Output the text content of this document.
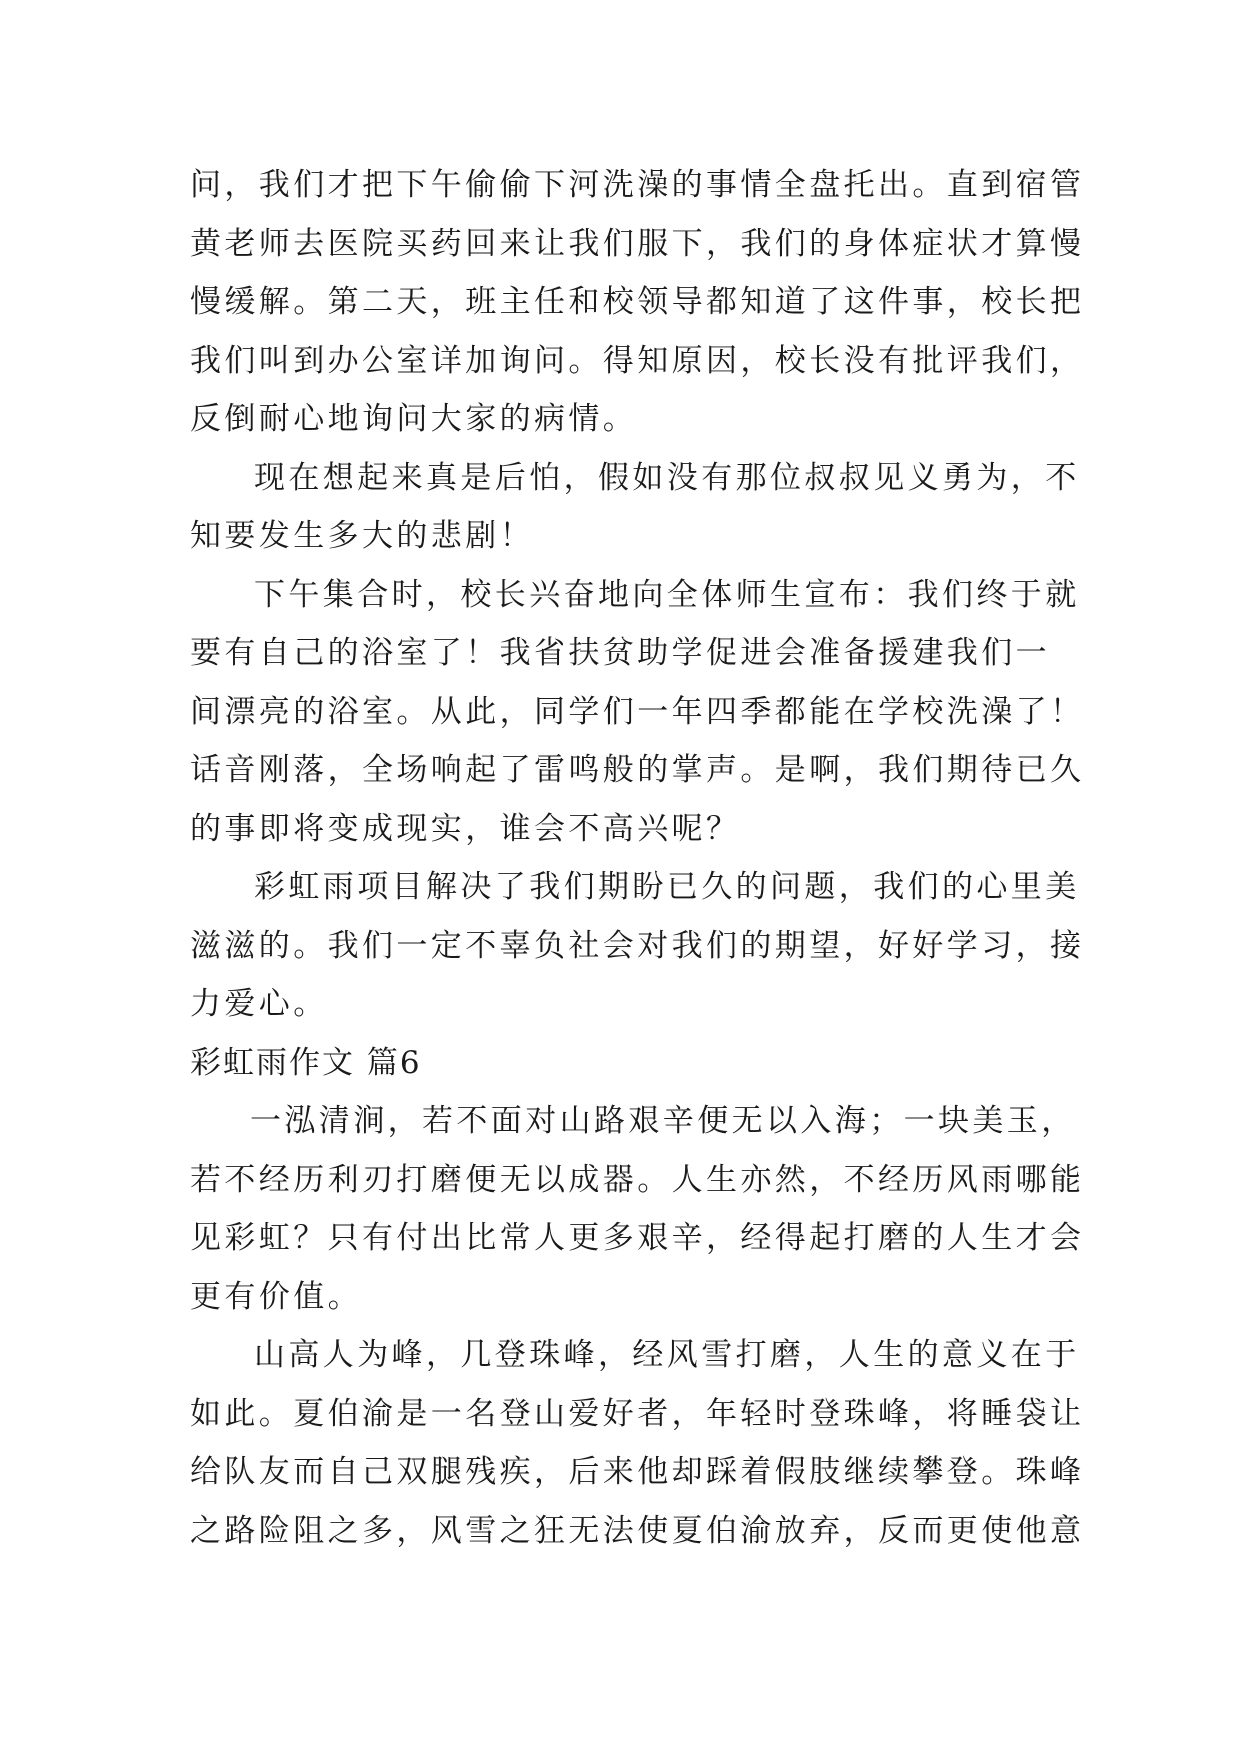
问，我们才把下午偷偷下河洗澡的事情全盘托出。直到宿管
黄老师去医院买药回来让我们服下，我们的身体症状才算慢
慢缓解。第二天，班主任和校领导都知道了这件事，校长把
我们叫到办公室详加询问。得知原因，校长没有批评我们，
反倒耐心地询问大家的病情。
现在想起来真是后怕，假如没有那位叔叔见义勇为，不
知要发生多大的悲剧！
下午集合时，校长兴奋地向全体师生宣布：我们终于就
要有自己的浴室了！我省扶贫助学促进会准备援建我们一
间漂亮的浴室。从此，同学们一年四季都能在学校洗澡了！
话音刚落，全场响起了雷鸣般的掌声。是啊，我们期待已久
的事即将变成现实，谁会不高兴呢？
彩虹雨项目解决了我们期盼已久的问题，我们的心里美
滋滋的。我们一定不辜负社会对我们的期望，好好学习，接
力爱心。
彩虹雨作文 篇6
一泓清涧，若不面对山路艰辛便无以入海；一块美玉，
若不经历利刃打磨便无以成器。人生亦然，不经历风雨哪能
见彩虹？只有付出比常人更多艰辛，经得起打磨的人生才会
更有价值。
山高人为峰，几登珠峰，经风雪打磨，人生的意义在于
如此。夏伯渝是一名登山爱好者，年轻时登珠峰，将睡袋让
给队友而自己双腿残疾，后来他却踩着假肢继续攀登。珠峰
之路险阻之多，风雪之狂无法使夏伯渝放弃，反而更使他意
